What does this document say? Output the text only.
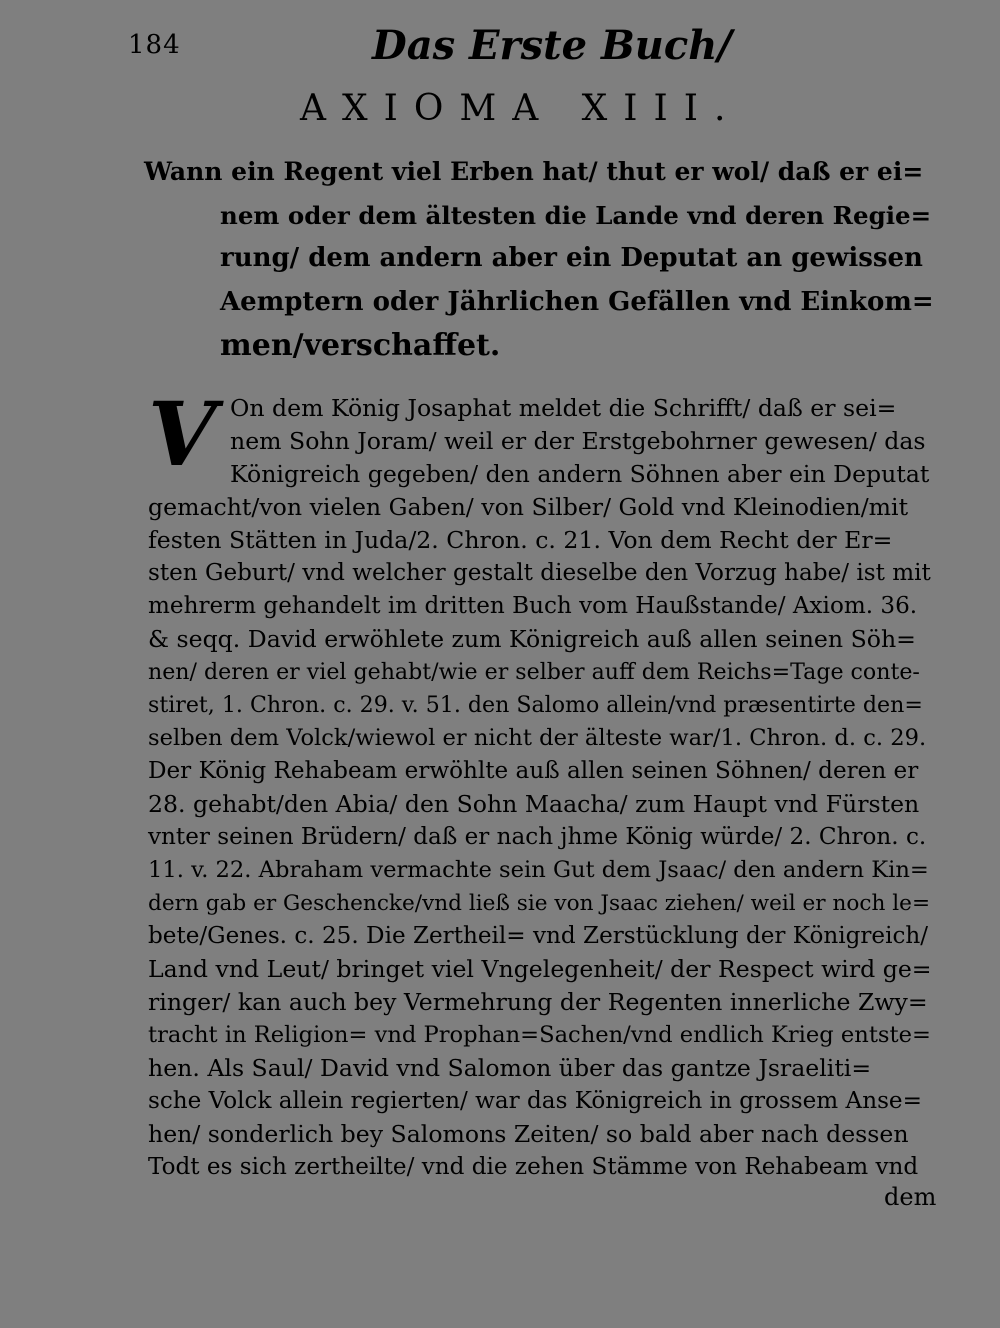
184	Das Erste Buch/
AXIOMA XIII.
Wann ein Regent viel Erben hat/ thut er wol/ daß er ei=
nem oder dem ältesten die Lande vnd deren Regie=
rung/ dem andern aber ein Deputat an gewissen
Aemptern oder Jährlichen Gefällen vnd Einkom=
men/verschaffet.
V On dem König Josaphat meldet die Schrifft/ daß er sei=
nem Sohn Joram/ weil er der Erstgebohrner gewesen/ das
Königreich gegeben/ den andern Söhnen aber ein Deputat
gemacht/von vielen Gaben/ von Silber/ Gold vnd Kleinodien/mit
festen Stätten in Juda/2. Chron. c. 21. Von dem Recht der Er=
sten Geburt/ vnd welcher gestalt dieselbe den Vorzug habe/ ist mit
mehrerm gehandelt im dritten Buch vom Haußstande/ Axiom. 36.
& seqq. David erwöhlete zum Königreich auß allen seinen Söh=
nen/ deren er viel gehabt/wie er selber auff dem Reichs=Tage conte-
stiret, 1. Chron. c. 29. v. 51. den Salomo allein/vnd præsentirte den=
selben dem Volck/wiewol er nicht der älteste war/1. Chron. d. c. 29.
Der König Rehabeam erwöhlte auß allen seinen Söhnen/ deren er
28. gehabt/den Abia/ den Sohn Maacha/ zum Haupt vnd Fürsten
vnter seinen Brüdern/ daß er nach jhme König würde/ 2. Chron. c.
11. v. 22. Abraham vermachte sein Gut dem Jsaac/ den andern Kin=
dern gab er Geschencke/vnd ließ sie von Jsaac ziehen/ weil er noch le=
bete/Genes. c. 25. Die Zertheil= vnd Zerstücklung der Königreich/
Land vnd Leut/ bringet viel Vngelegenheit/ der Respect wird ge=
ringer/ kan auch bey Vermehrung der Regenten innerliche Zwy=
tracht in Religion= vnd Prophan=Sachen/vnd endlich Krieg entste=
hen. Als Saul/ David vnd Salomon über das gantze Jsraeliti=
sche Volck allein regierten/ war das Königreich in grossem Anse=
hen/ sonderlich bey Salomons Zeiten/ so bald aber nach dessen
Todt es sich zertheilte/ vnd die zehen Stämme von Rehabeam vnd
dem
